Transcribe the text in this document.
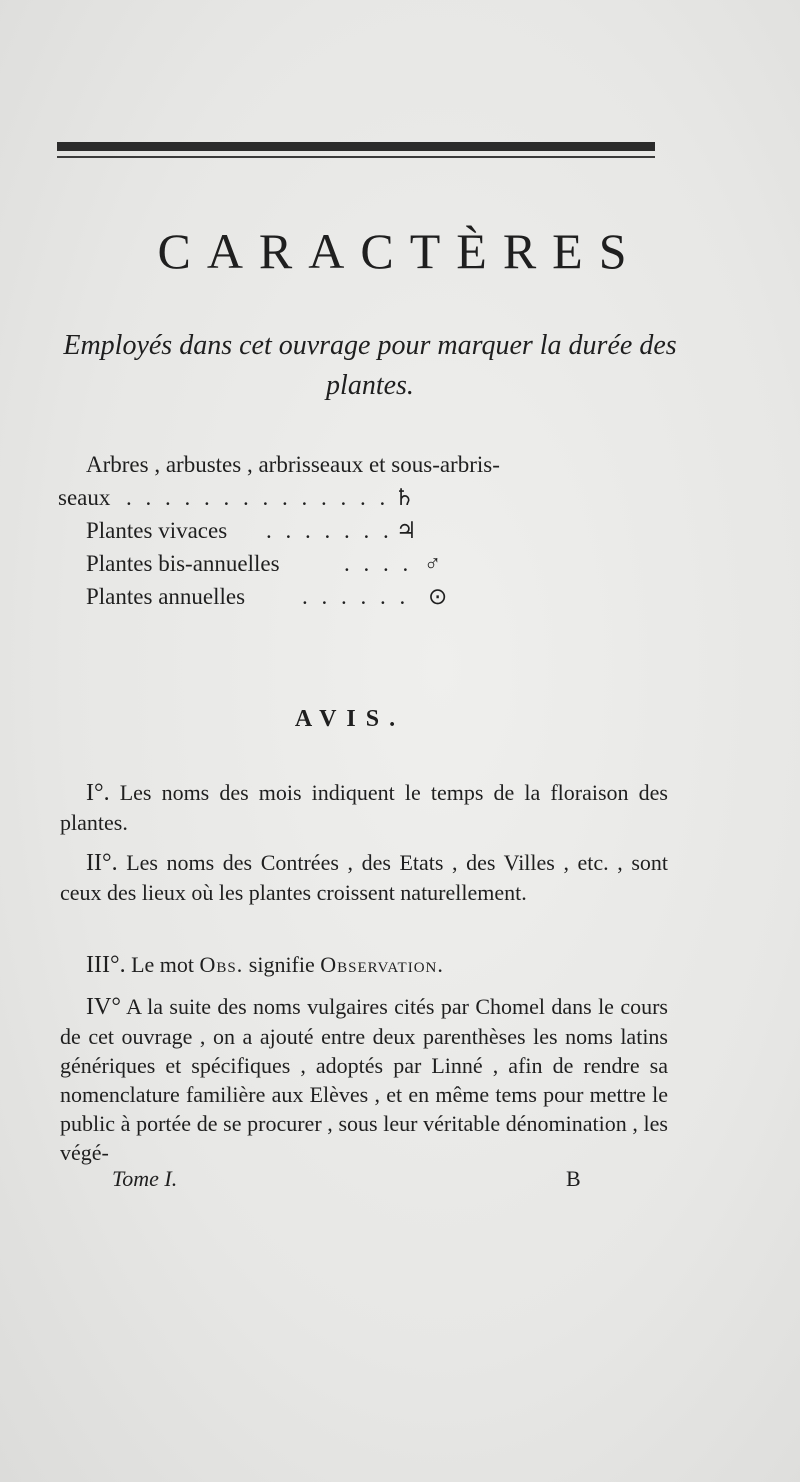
CARACTÈRES

Employés dans cet ouvrage pour marquer la durée des plantes.

Arbres , arbustes , arbrisseaux et sous-arbris-
seaux . . . . . . . . . . . . . . ♄
Plantes vivaces . . . . . . . ♃
Plantes bis-annuelles	. . . . ♂
Plantes annuelles . . . . . . ⊙
AVIS.

I°. Les noms des mois indiquent le temps de la floraison des plantes.

II°. Les noms des Contrées , des Etats , des Villes , etc. , sont ceux des lieux où les plantes croissent naturellement.

III°. Le mot Obs. signifie Observation.

IV° A la suite des noms vulgaires cités par Chomel dans le cours de cet ouvrage , on a ajouté entre deux parenthèses les noms latins génériques et spécifiques , adoptés par Linné , afin de rendre sa nomenclature familière aux Elèves , et en même tems pour mettre le public à portée de se procurer , sous leur véritable dénomination , les végé-

Tome I.	B
